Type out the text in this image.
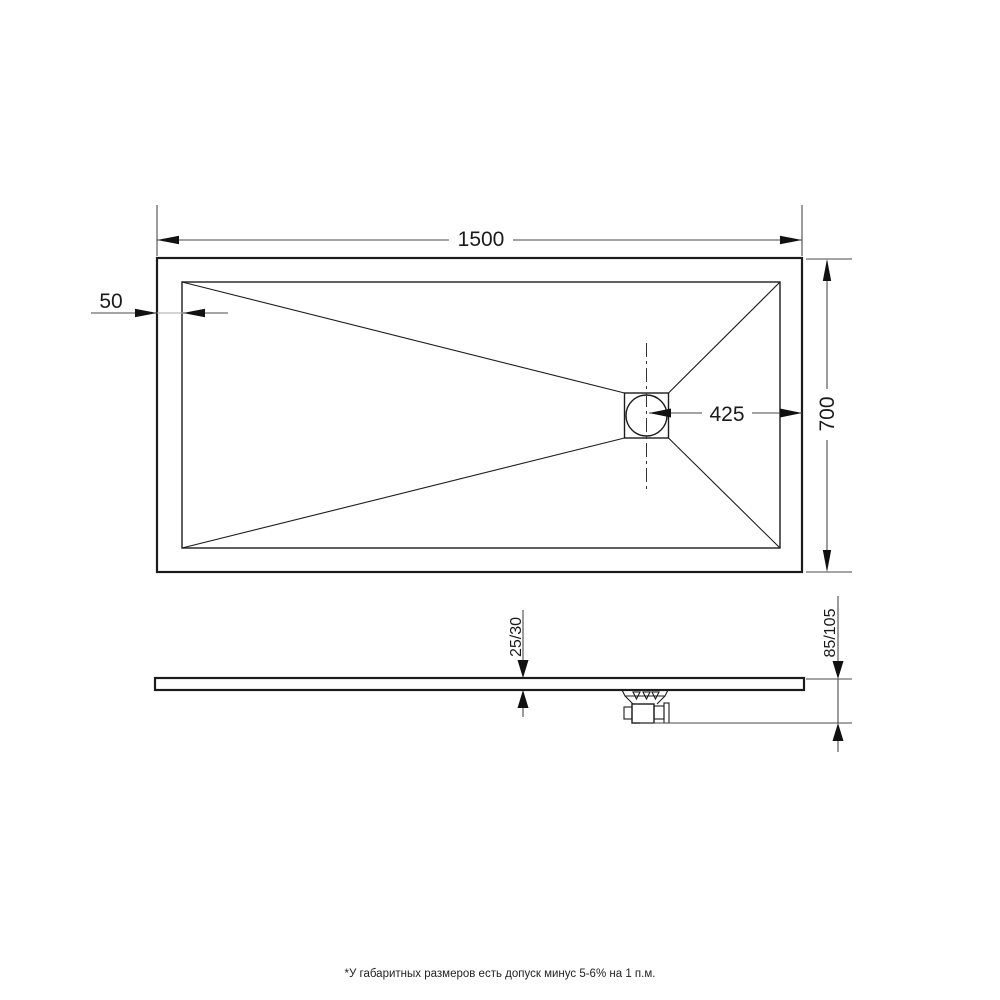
1500
50
425	700
25/30	85/105
*У габаритных размеров есть допуск минус 5-6% на 1 п.м.
